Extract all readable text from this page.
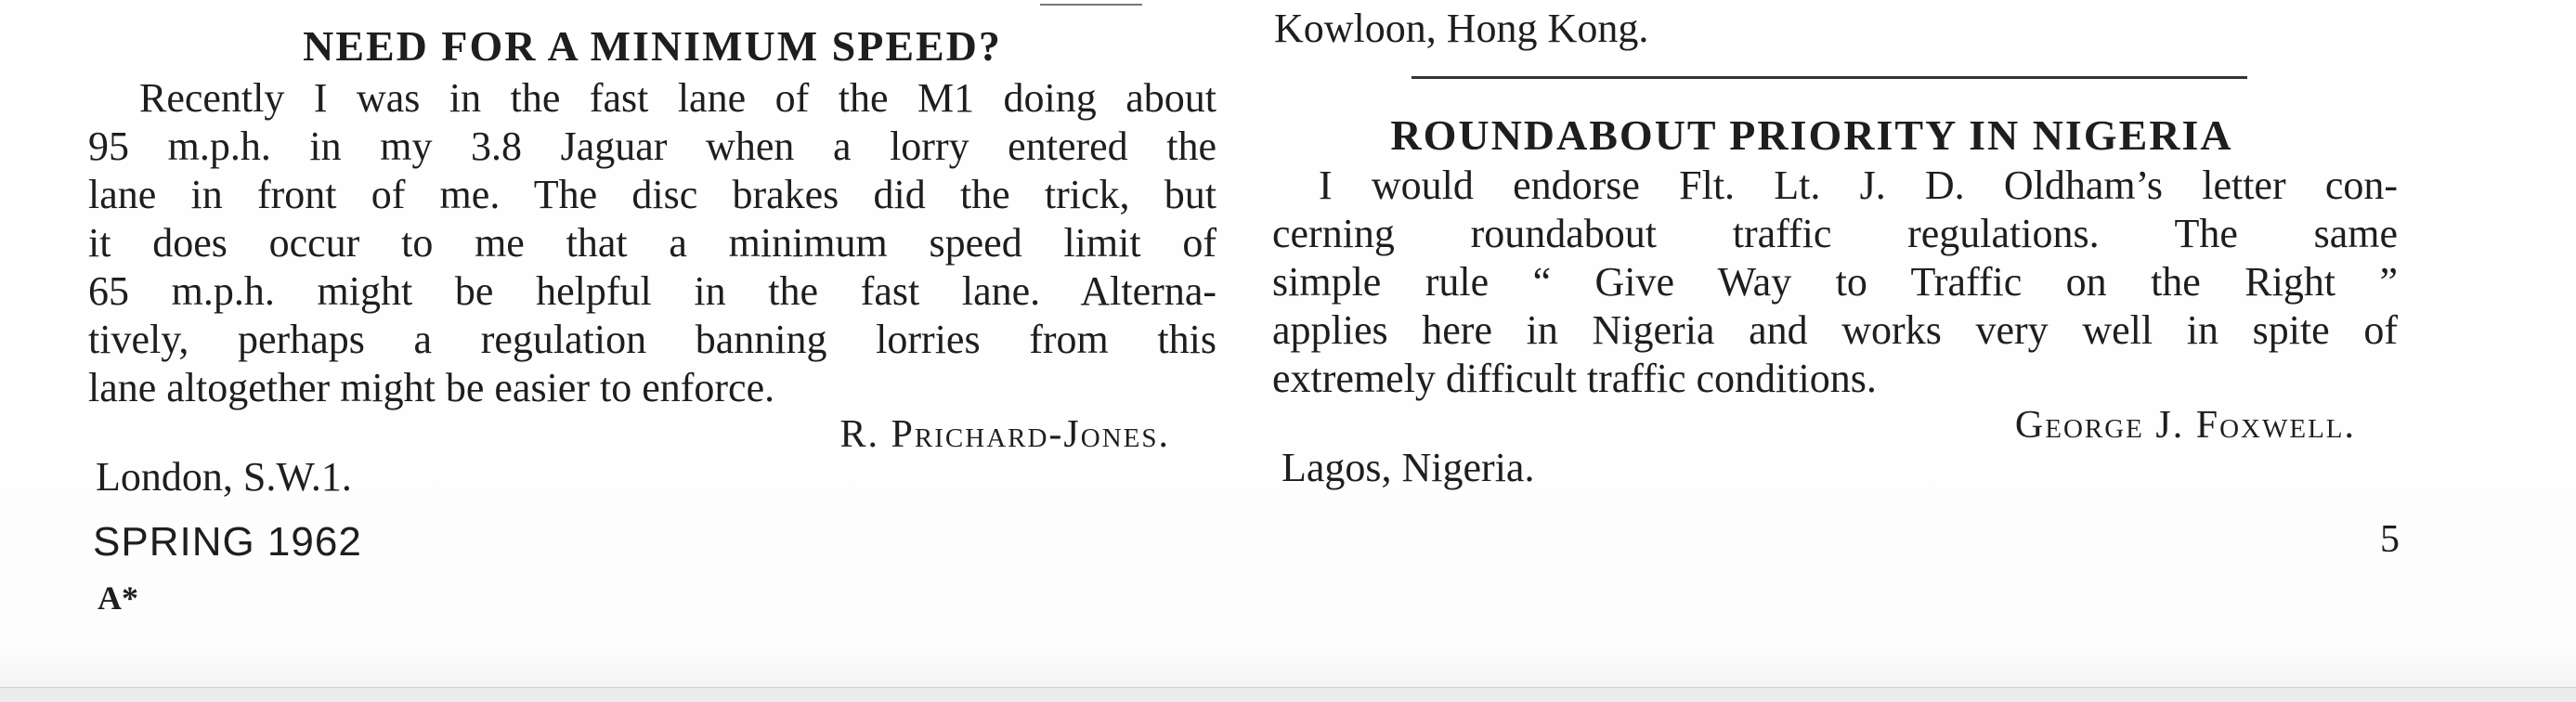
NEED FOR A MINIMUM SPEED?
Recently I was in the fast lane of the M1 doing about
95 m.p.h. in my 3.8 Jaguar when a lorry entered the
lane in front of me. The disc brakes did the trick, but
it does occur to me that a minimum speed limit of
65 m.p.h. might be helpful in the fast lane. Alterna-
tively, perhaps a regulation banning lorries from this
lane altogether might be easier to enforce.
R. Prichard-Jones.
London, S.W.1.
Kowloon, Hong Kong.
ROUNDABOUT PRIORITY IN NIGERIA
I would endorse Flt. Lt. J. D. Oldham’s letter con-
cerning roundabout traffic regulations. The same
simple rule “ Give Way to Traffic on the Right ”
applies here in Nigeria and works very well in spite of
extremely difficult traffic conditions.
George J. Foxwell.
Lagos, Nigeria.
SPRING 1962
A*
5
